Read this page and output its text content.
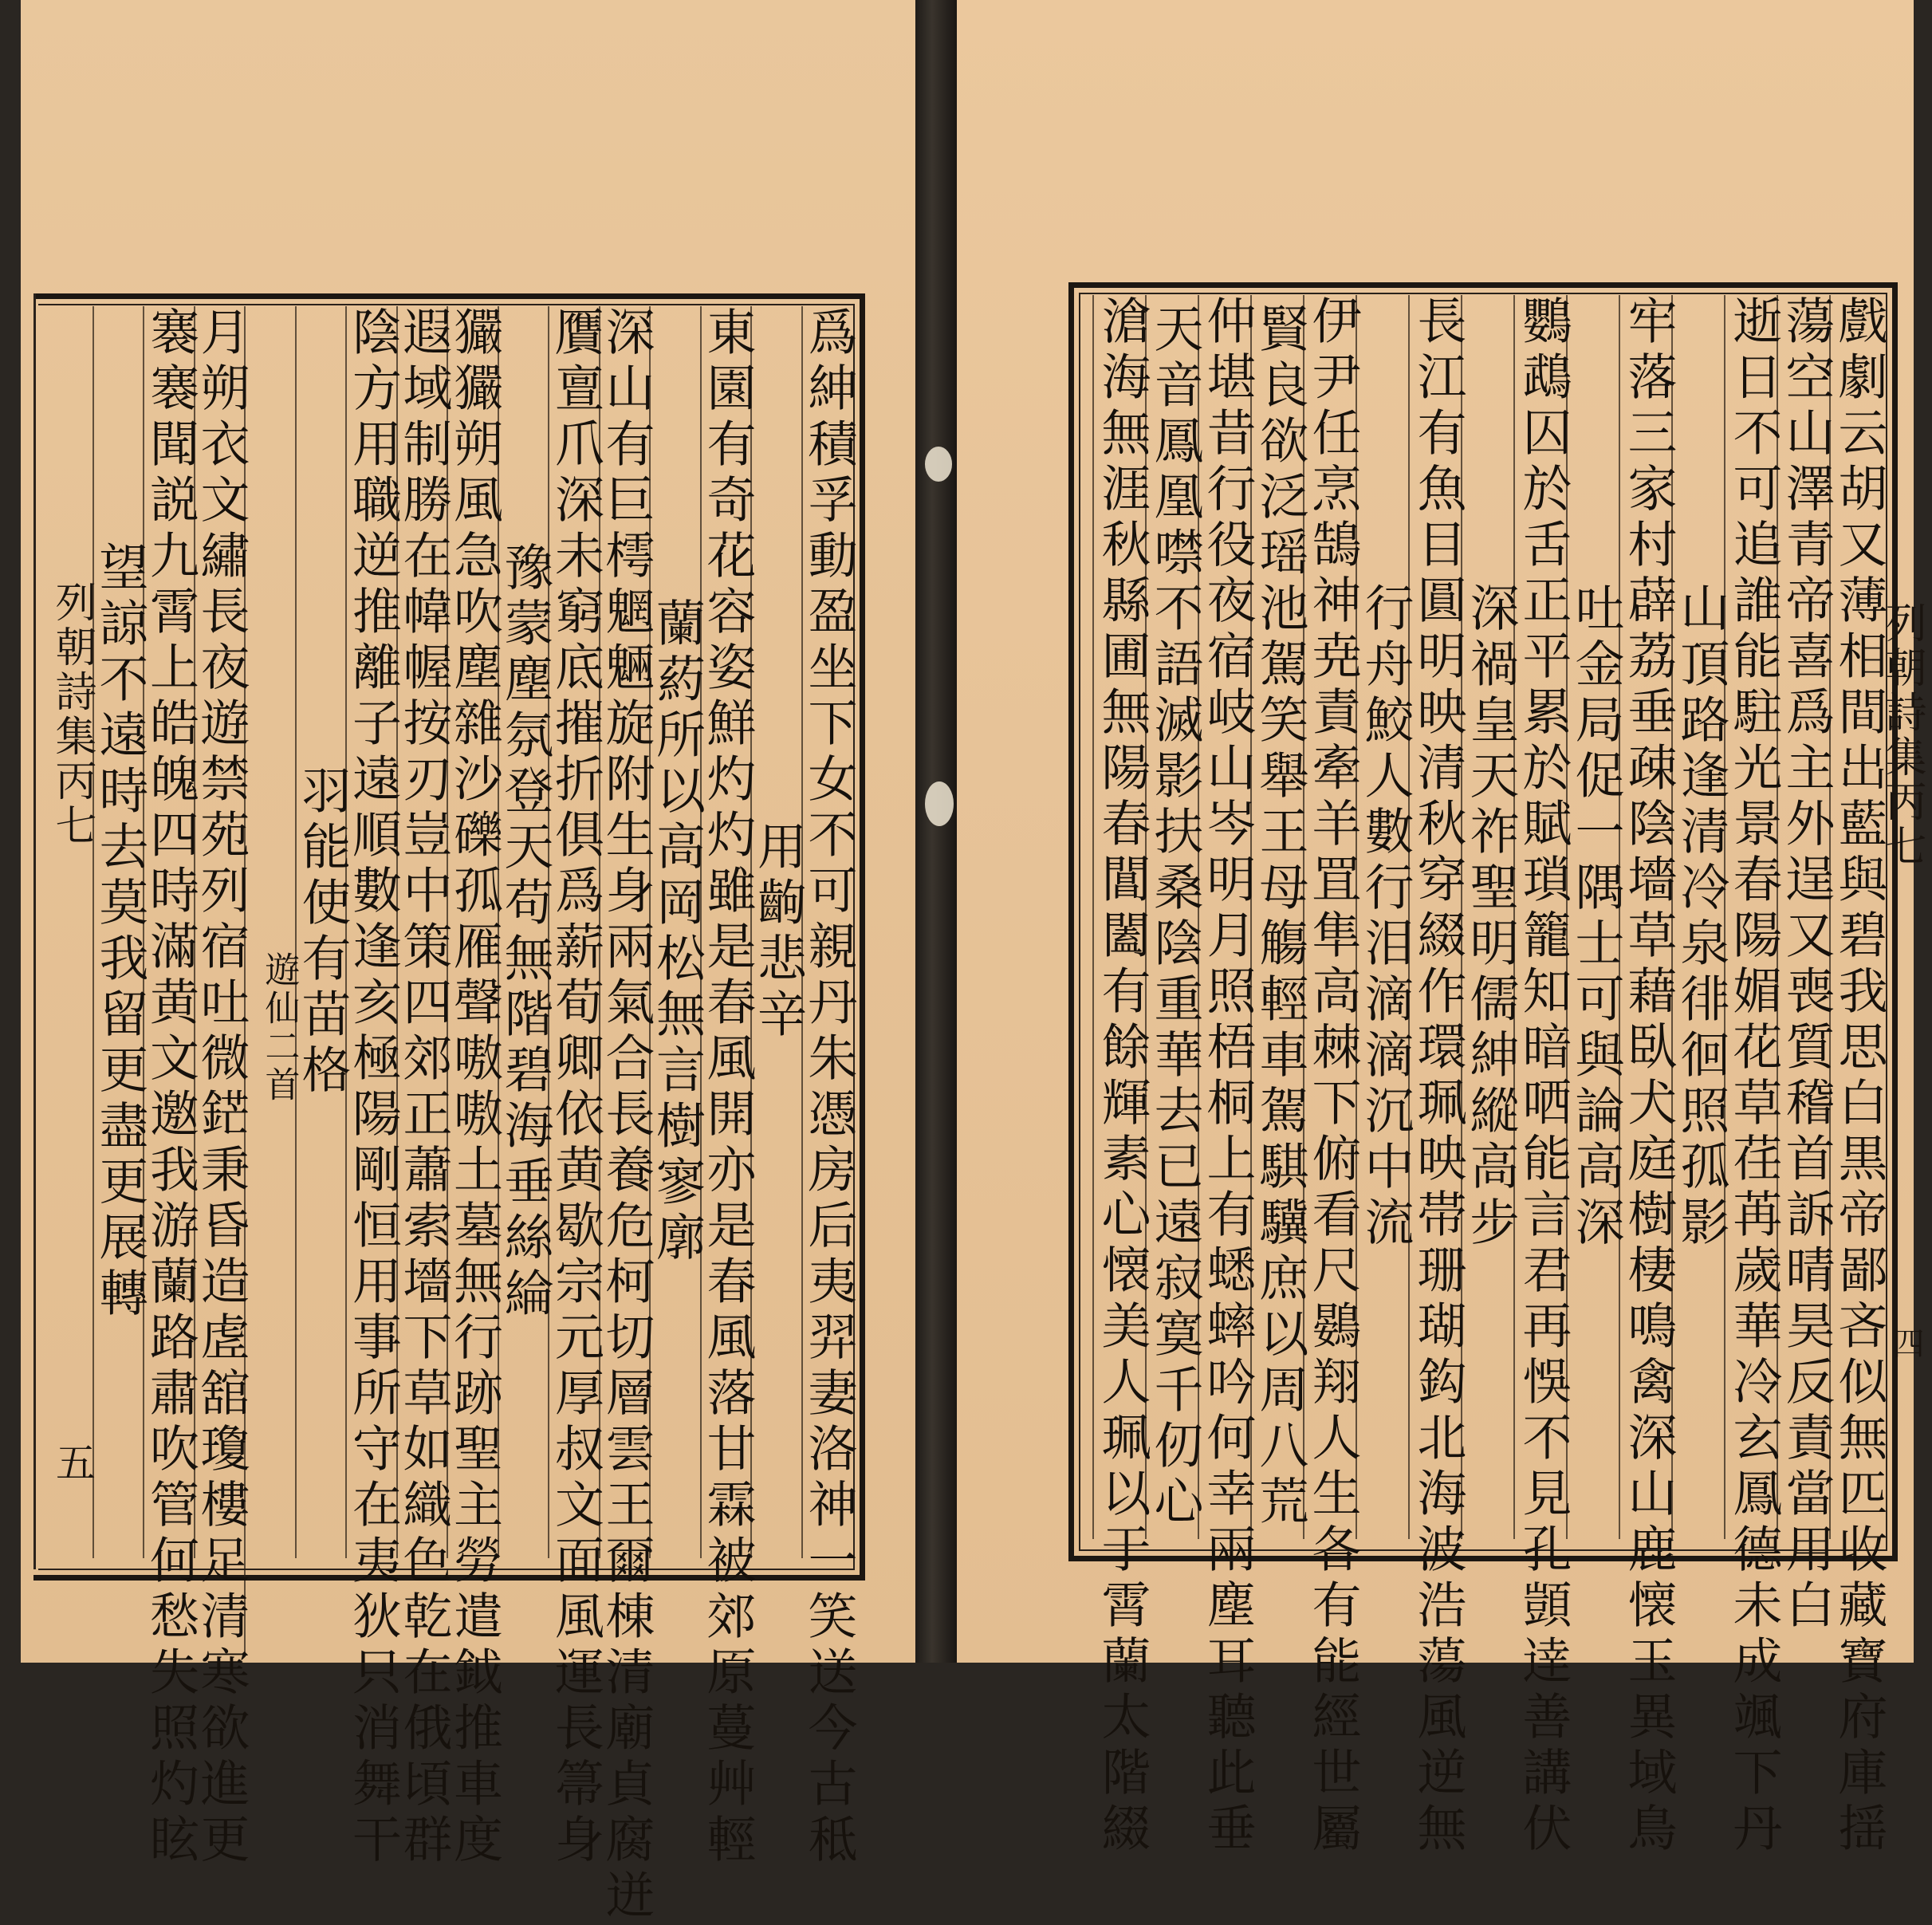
列朝詩集丙七
五	爲紳積孚動盈坐下女不可親丹朱憑房后夷羿妻洛神一笑送今古秪
用齣悲辛
東園有奇花容姿鮮灼灼雖是春風開亦是春風落甘霖被郊原蔓艸輕
蘭葯所以高岡松無言樹寥廓
深山有巨樗魍魎旋附生身兩氣合長養危柯切層雲王爾棟清廟貞腐迸
贋亶爪深未窮底摧折俱爲薪荀卿依黄歇宗元厚叔文面風運長箒身
豫蒙塵氛登天苟無階碧海垂絲綸
玁玁朔風急吹塵雜沙礫孤雁聲嗷嗷土墓無行跡聖主勞遣鉞推車度
遐域制勝在幃幄按刃豈中策四郊正蕭索墻下草如織色乾在俄頃群
陰方用職逆推離子遠順數逢亥極陽剛恒用事所守在夷狄只消舞干
羽能使有苗格
遊仙二首
月朔衣文繡長夜遊禁苑列宿吐微鋩秉昏造虗舘瓊樓足清寒欲進更
褰褰聞説九霄上皓魄四時滿黄文邀我游蘭路肅吹管何愁失照灼眩
望諒不遠時去莫我留更盡更展轉	列朝詩集丙七
四
戲劇云胡又薄相間出藍與碧我思白黒帝鄙吝似無匹收藏寶府庫揺
蕩空山澤青帝喜爲主外逞又喪質稽首訴晴昊反責當用白
逝日不可追誰能駐光景春陽媚花草荏苒歲華冷玄鳳德未成颯下丹
山頂路逢清冷泉徘徊照孤影
牢落三家村薜荔垂疎陰墻草藉臥犬庭樹棲鳴禽深山鹿懐玉異域鳥
吐金局促一隅士可與論高深
鸚鵡囚於舌正平累於賦瑣籠知暗哂能言君再悞不見孔顗逹善講伏
深禍皇天祚聖明儒紳縱高步
長江有魚目圓明映清秋穿綴作環珮映帯珊瑚鈎北海波浩蕩風逆無
行舟鮫人數行泪滴滴沉中流
伊尹任烹鵠神尭責牽羊罝隼高棘下俯看尺鷃翔人生各有能經世屬
賢良欲泛瑶池駕笑舉王母觴輕車駕騏驥庶以周八荒
仲堪昔行役夜宿岐山岑明月照梧桐上有蟋蟀吟何幸兩塵耳聽此垂
天音鳳凰噤不語滅影扶桑陰重華去已遠寂寞千仞心
滄海無涯秋縣圃無陽春閶闔有餘輝素心懐美人珮以于霄蘭太階綴
